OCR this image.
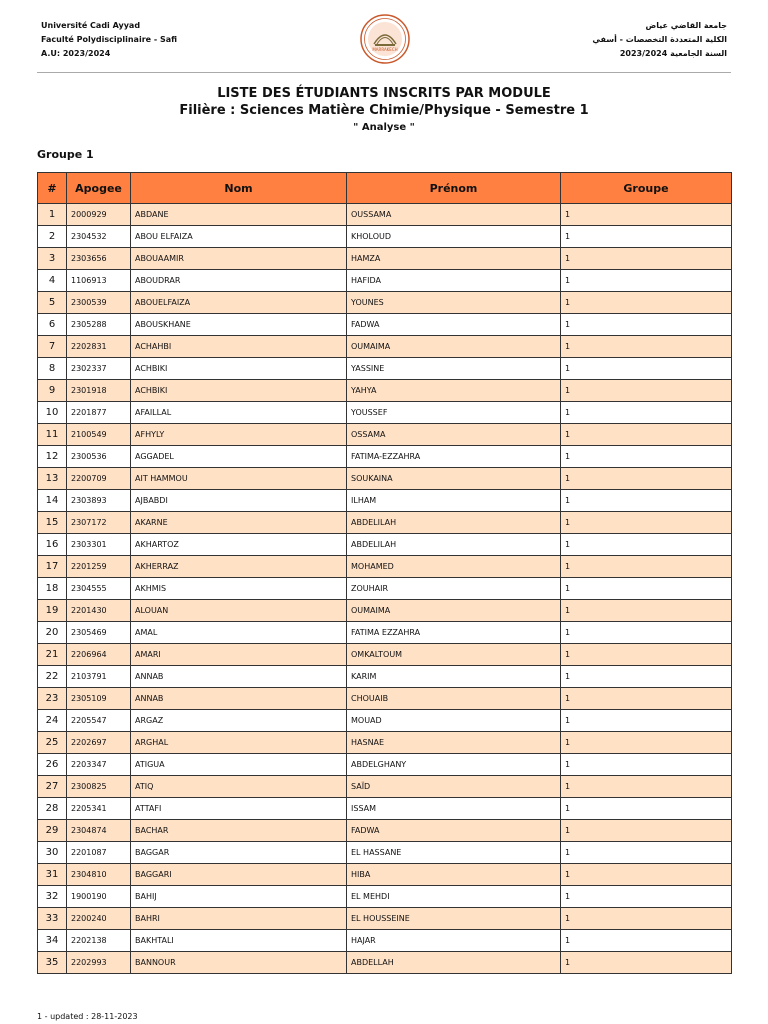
Université Cadi Ayyad
Faculté Polydisciplinaire - Safi
A.U: 2023/2024	MARRAKECH
جامعة القاضي عياض
الكلية المتعددة التخصصات - أسفي
السنة الجامعية 2023/2024
LISTE DES ÉTUDIANTS INSCRITS PAR MODULE
Filière : Sciences Matière Chimie/Physique - Semestre 1
" Analyse "
Groupe 1
#	Apogee	Nom	Prénom	Groupe
1	2000929	ABDANE	OUSSAMA	1
2	2304532	ABOU ELFAIZA	KHOLOUD	1
3	2303656	ABOUAAMIR	HAMZA	1
4	1106913	ABOUDRAR	HAFIDA	1
5	2300539	ABOUELFAIZA	YOUNES	1
6	2305288	ABOUSKHANE	FADWA	1
7	2202831	ACHAHBI	OUMAIMA	1
8	2302337	ACHBIKI	YASSINE	1
9	2301918	ACHBIKI	YAHYA	1
10	2201877	AFAILLAL	YOUSSEF	1
11	2100549	AFHYLY	OSSAMA	1
12	2300536	AGGADEL	FATIMA-EZZAHRA	1
13	2200709	AIT HAMMOU	SOUKAINA	1
14	2303893	AJBABDI	ILHAM	1
15	2307172	AKARNE	ABDELILAH	1
16	2303301	AKHARTOZ	ABDELILAH	1
17	2201259	AKHERRAZ	MOHAMED	1
18	2304555	AKHMIS	ZOUHAIR	1
19	2201430	ALOUAN	OUMAIMA	1
20	2305469	AMAL	FATIMA EZZAHRA	1
21	2206964	AMARI	OMKALTOUM	1
22	2103791	ANNAB	KARIM	1
23	2305109	ANNAB	CHOUAIB	1
24	2205547	ARGAZ	MOUAD	1
25	2202697	ARGHAL	HASNAE	1
26	2203347	ATIGUA	ABDELGHANY	1
27	2300825	ATIQ	SAÏD	1
28	2205341	ATTAFI	ISSAM	1
29	2304874	BACHAR	FADWA	1
30	2201087	BAGGAR	EL HASSANE	1
31	2304810	BAGGARI	HIBA	1
32	1900190	BAHIJ	EL MEHDI	1
33	2200240	BAHRI	EL HOUSSEINE	1
34	2202138	BAKHTALI	HAJAR	1
35	2202993	BANNOUR	ABDELLAH	1
1 - updated : 28-11-2023
